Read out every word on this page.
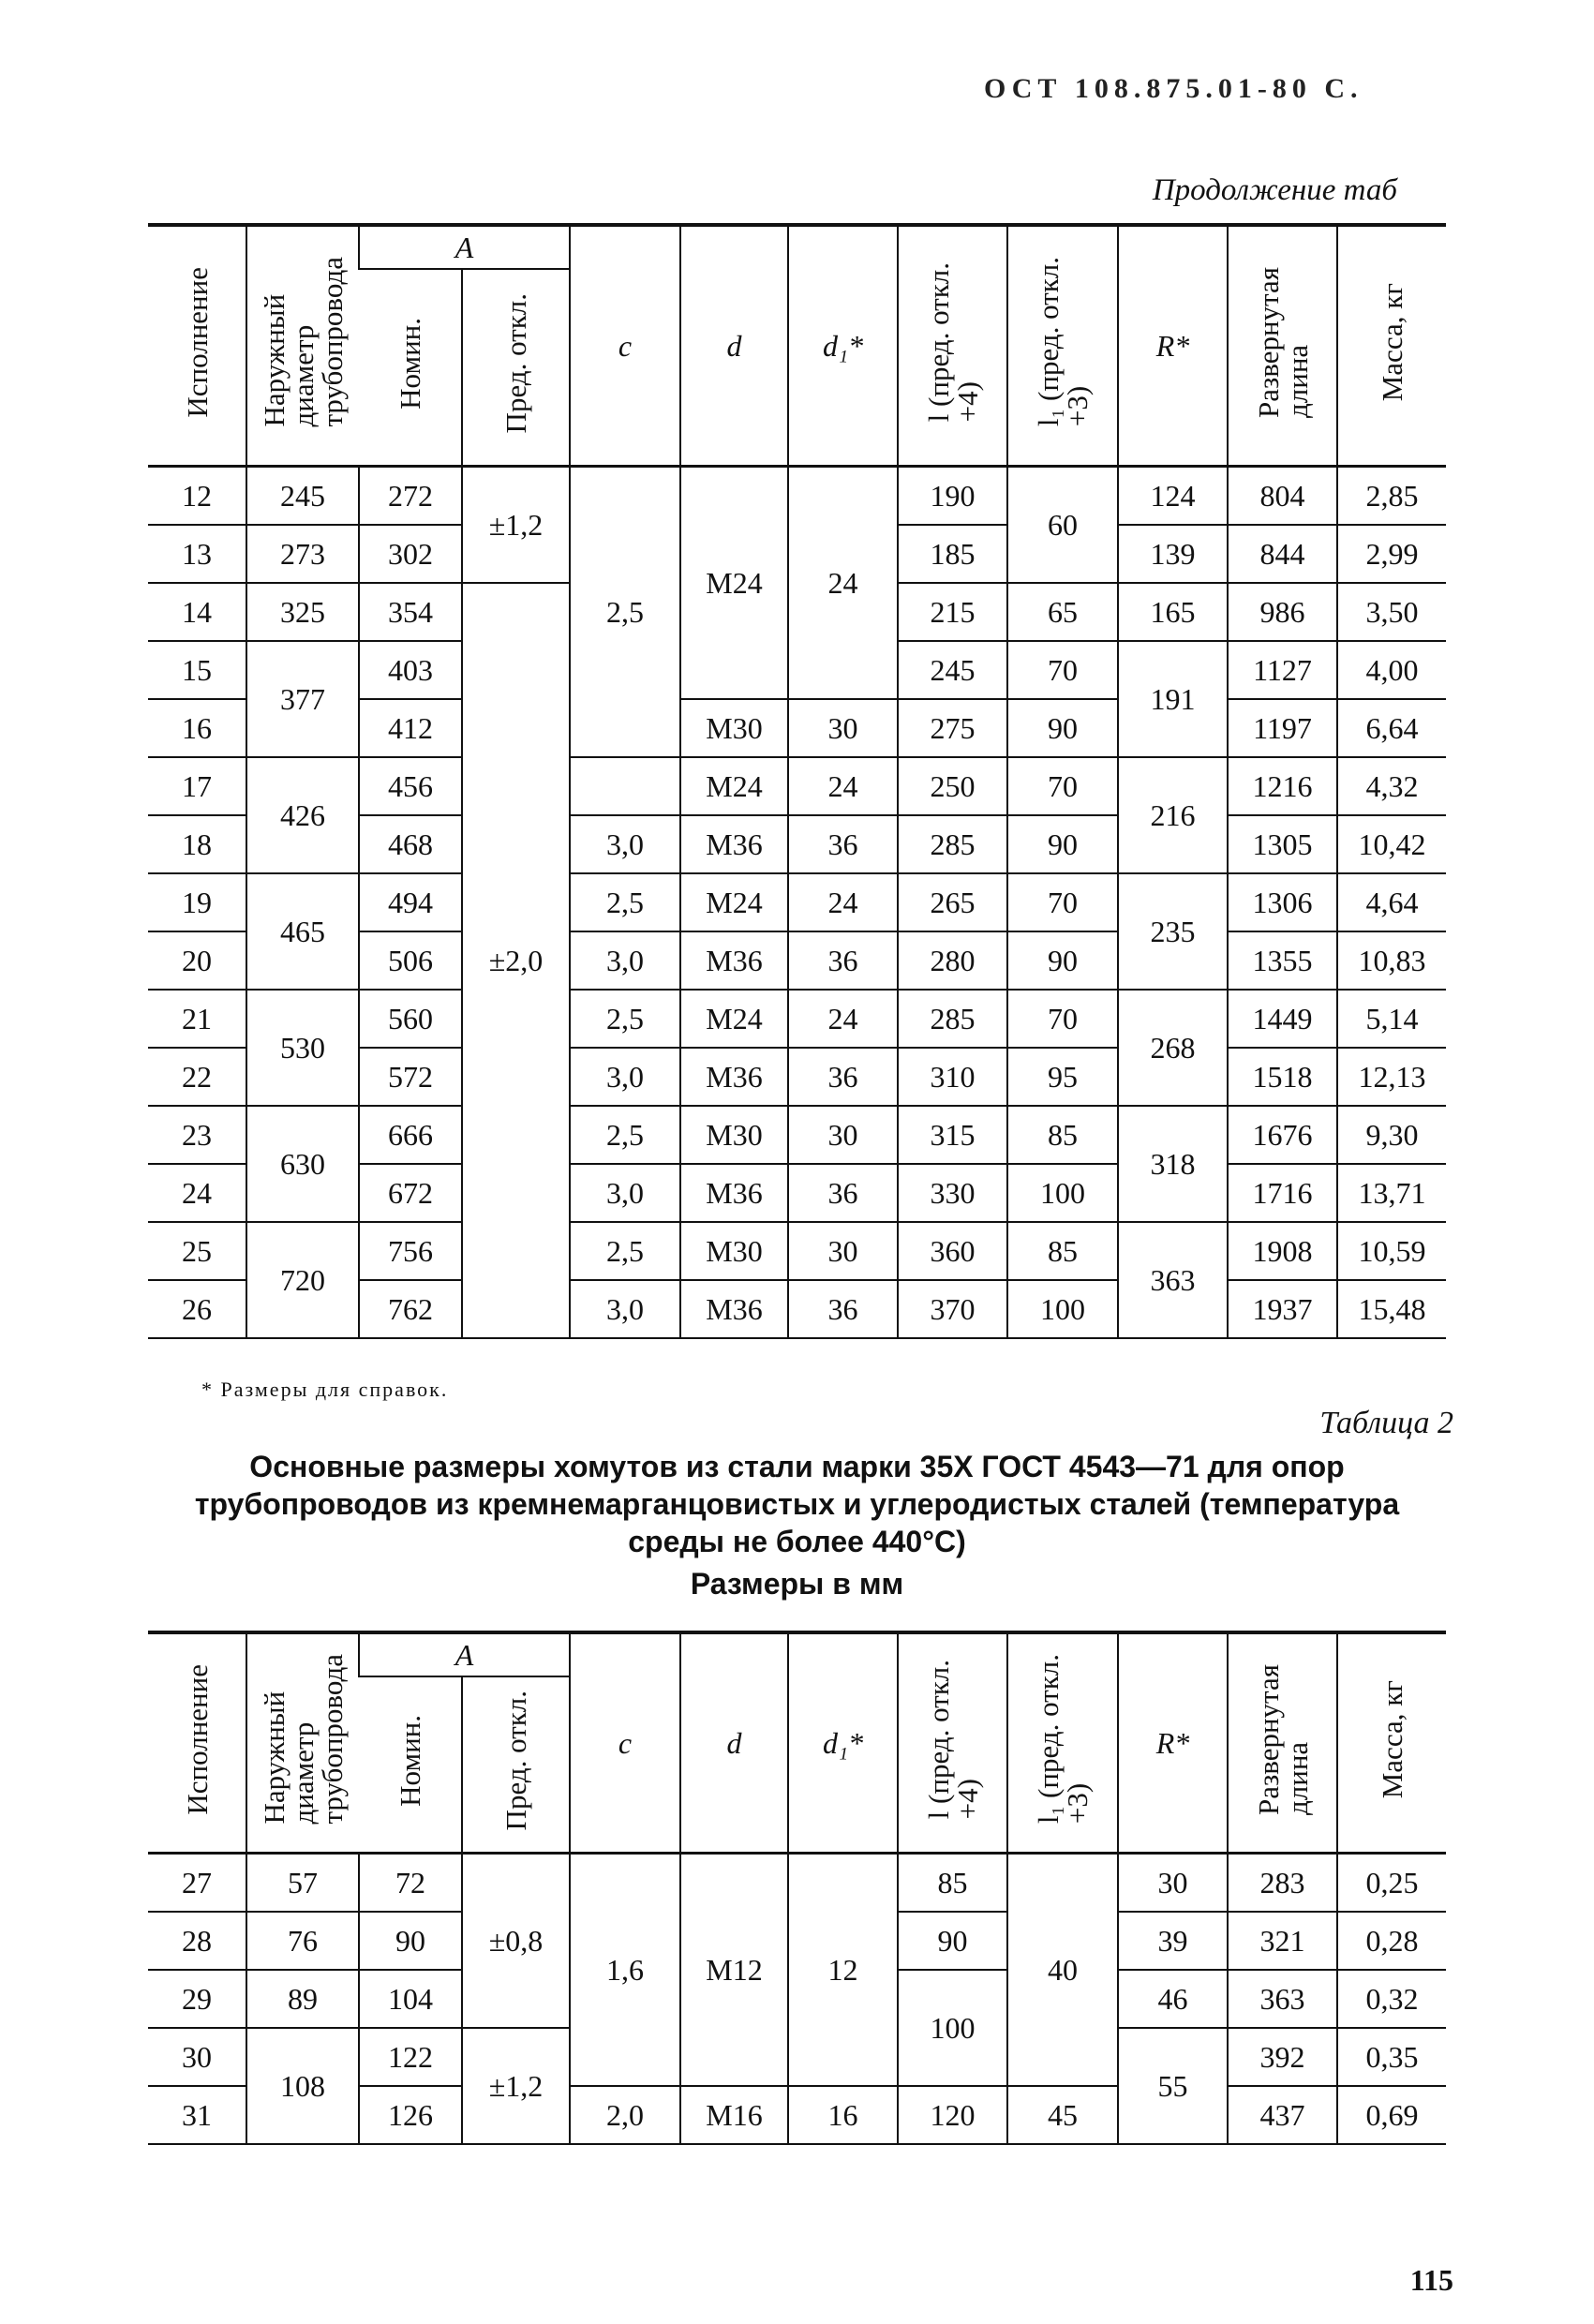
ОСТ 108.875.01-80 С.
Продолжение таб
Исполнение	Наружный
диаметр
трубопровода	A		c	d	d₁*	l (пред. откл.
+4)	l₁ (пред. откл.
+3)	R*	Развернутая
длина	Масса, кг
		Номин.	Пред. откл.								
12	245	272	±1,2	2,5	M24	24	190	60	124	804	2,85
13	273	302					185		139	844	2,99
14	325	354	±2,0				215	65	165	986	3,50
15	377	403					245	70	191	1127	4,00
16		412			M30	30	275	90		1197	6,64
17	426	456			M24	24	250	70	216	1216	4,32
18		468		3,0	M36	36	285	90		1305	10,42
19	465	494		2,5	M24	24	265	70	235	1306	4,64
20		506		3,0	M36	36	280	90		1355	10,83
21	530	560		2,5	M24	24	285	70	268	1449	5,14
22		572		3,0	M36	36	310	95		1518	12,13
23	630	666		2,5	M30	30	315	85	318	1676	9,30
24		672		3,0	M36	36	330	100		1716	13,71
25	720	756		2,5	M30	30	360	85	363	1908	10,59
26		762		3,0	M36	36	370	100		1937	15,48
* Размеры для справок.
Таблица 2
Основные размеры хомутов из стали марки 35Х ГОСТ 4543—71 для опор трубопроводов из кремнемарганцовистых и углеродистых сталей (температура среды не более 440°C)
Размеры в мм
Исполнение	Наружный
диаметр
трубопровода	A		c	d	d₁*	l (пред. откл.
+4)	l₁ (пред. откл.
+3)	R*	Развернутая
длина	Масса, кг
		Номин.	Пред. откл.								
27	57	72	±0,8	1,6	M12	12	85	40	30	283	0,25
28	76	90					90		39	321	0,28
29	89	104					100		46	363	0,32
30	108	122	±1,2						55	392	0,35
31		126		2,0	M16	16	120	45		437	0,69
115
